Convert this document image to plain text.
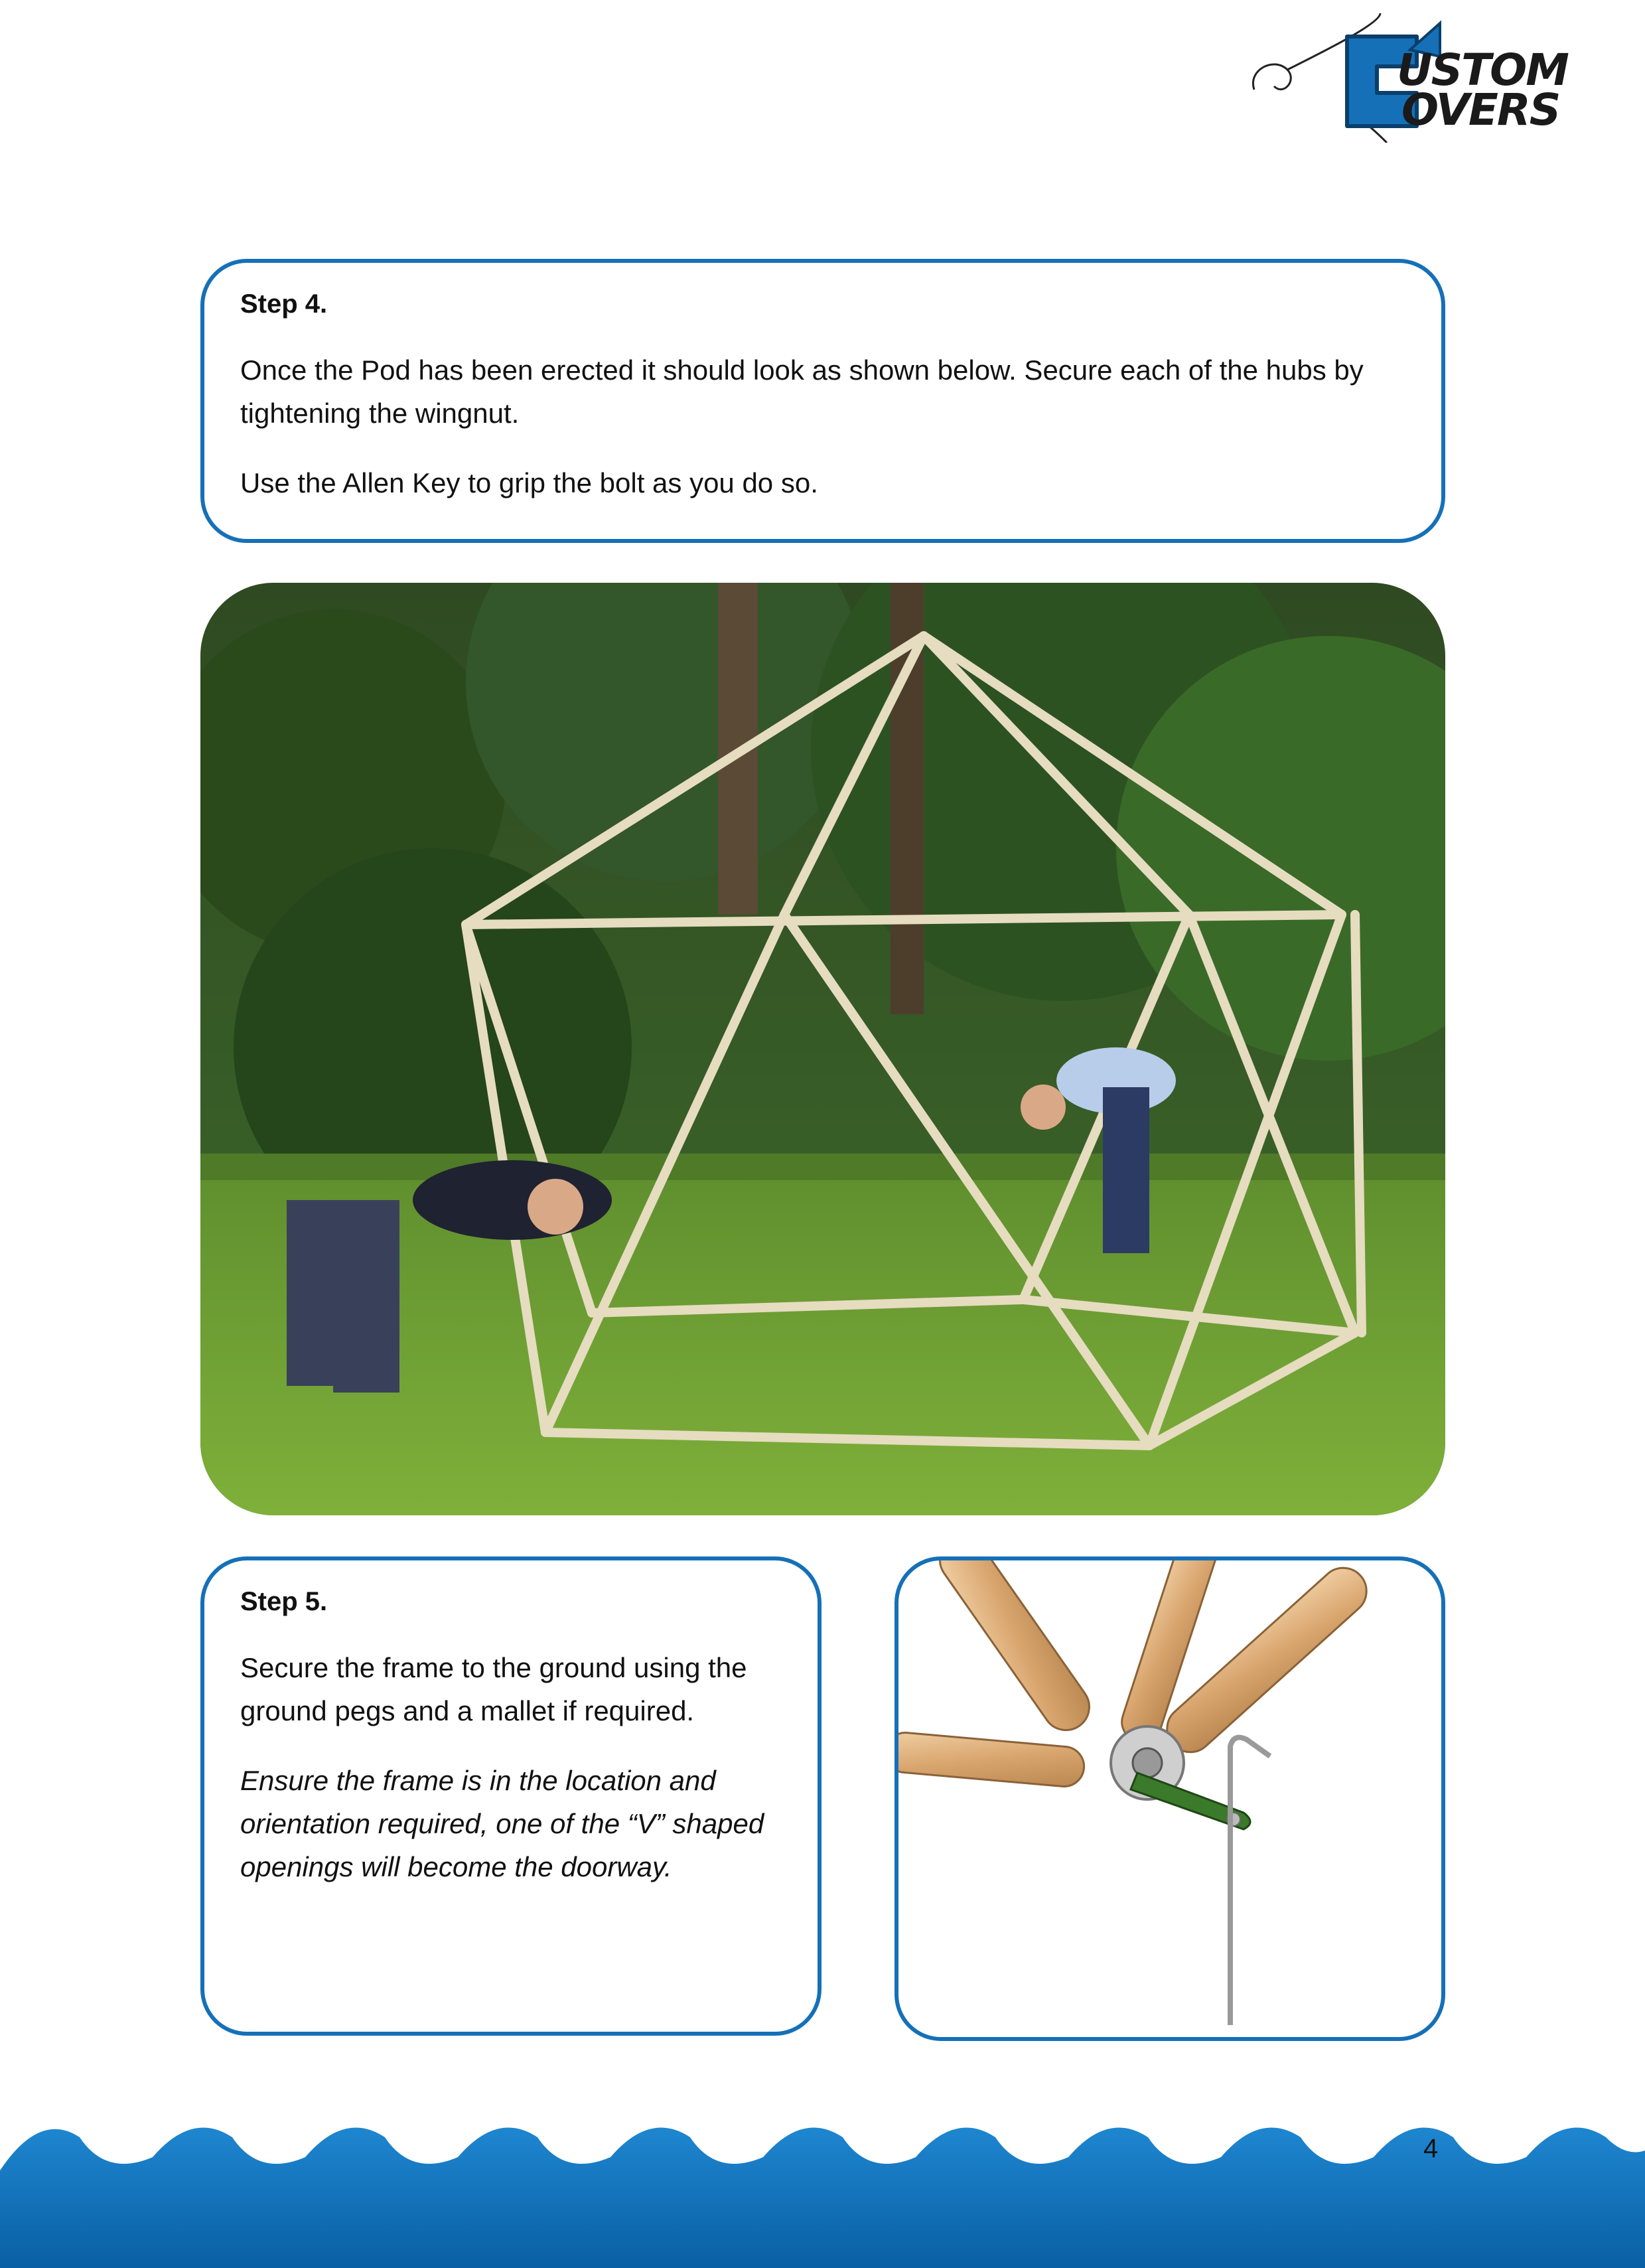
USTOM
OVERS
Step 4.

Once the Pod has been erected it should look as shown below. Secure each of the hubs by tightening the wingnut.

Use the Allen Key to grip the bolt as you do so.

Step 5.

Secure the frame to the ground using the ground pegs and a mallet if required.

Ensure the frame is in the location and orientation required, one of the “V” shaped openings will become the doorway.

4
